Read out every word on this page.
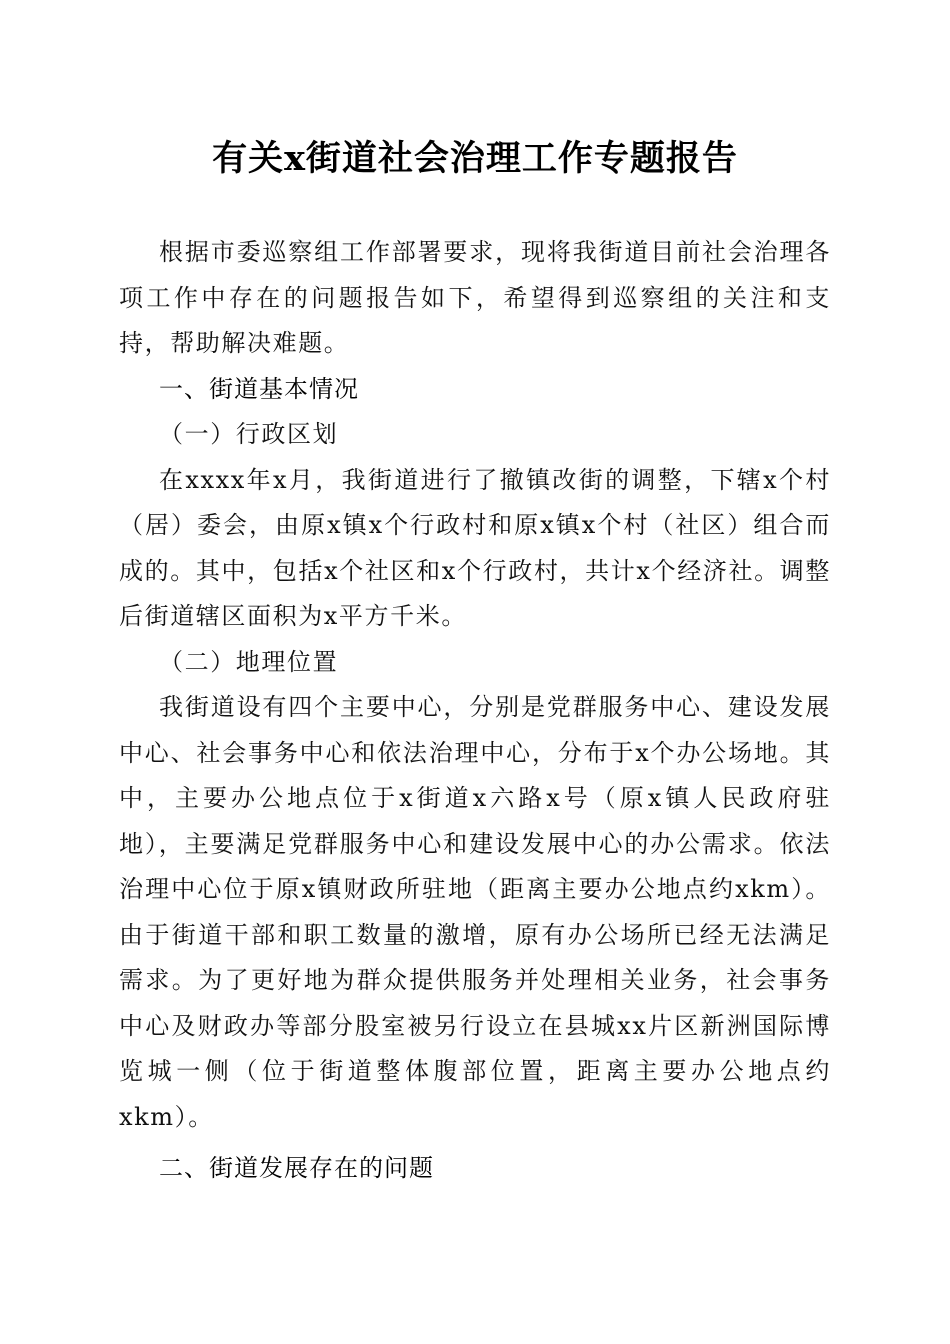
有关x街道社会治理工作专题报告

根据市委巡察组工作部署要求，现将我街道目前社会治理各项工作中存在的问题报告如下，希望得到巡察组的关注和支持，帮助解决难题。

一、街道基本情况

（一）行政区划

在xxxx年x月，我街道进行了撤镇改街的调整，下辖x个村（居）委会，由原x镇x个行政村和原x镇x个村（社区）组合而成的。其中，包括x个社区和x个行政村，共计x个经济社。调整后街道辖区面积为x平方千米。

（二）地理位置

我街道设有四个主要中心，分别是党群服务中心、建设发展中心、社会事务中心和依法治理中心，分布于x个办公场地。其中，主要办公地点位于x街道x六路x号（原x镇人民政府驻地），主要满足党群服务中心和建设发展中心的办公需求。依法治理中心位于原x镇财政所驻地（距离主要办公地点约xkm）。由于街道干部和职工数量的激增，原有办公场所已经无法满足需求。为了更好地为群众提供服务并处理相关业务，社会事务中心及财政办等部分股室被另行设立在县城xx片区新洲国际博览城一侧（位于街道整体腹部位置，距离主要办公地点约xkm）。

二、街道发展存在的问题
